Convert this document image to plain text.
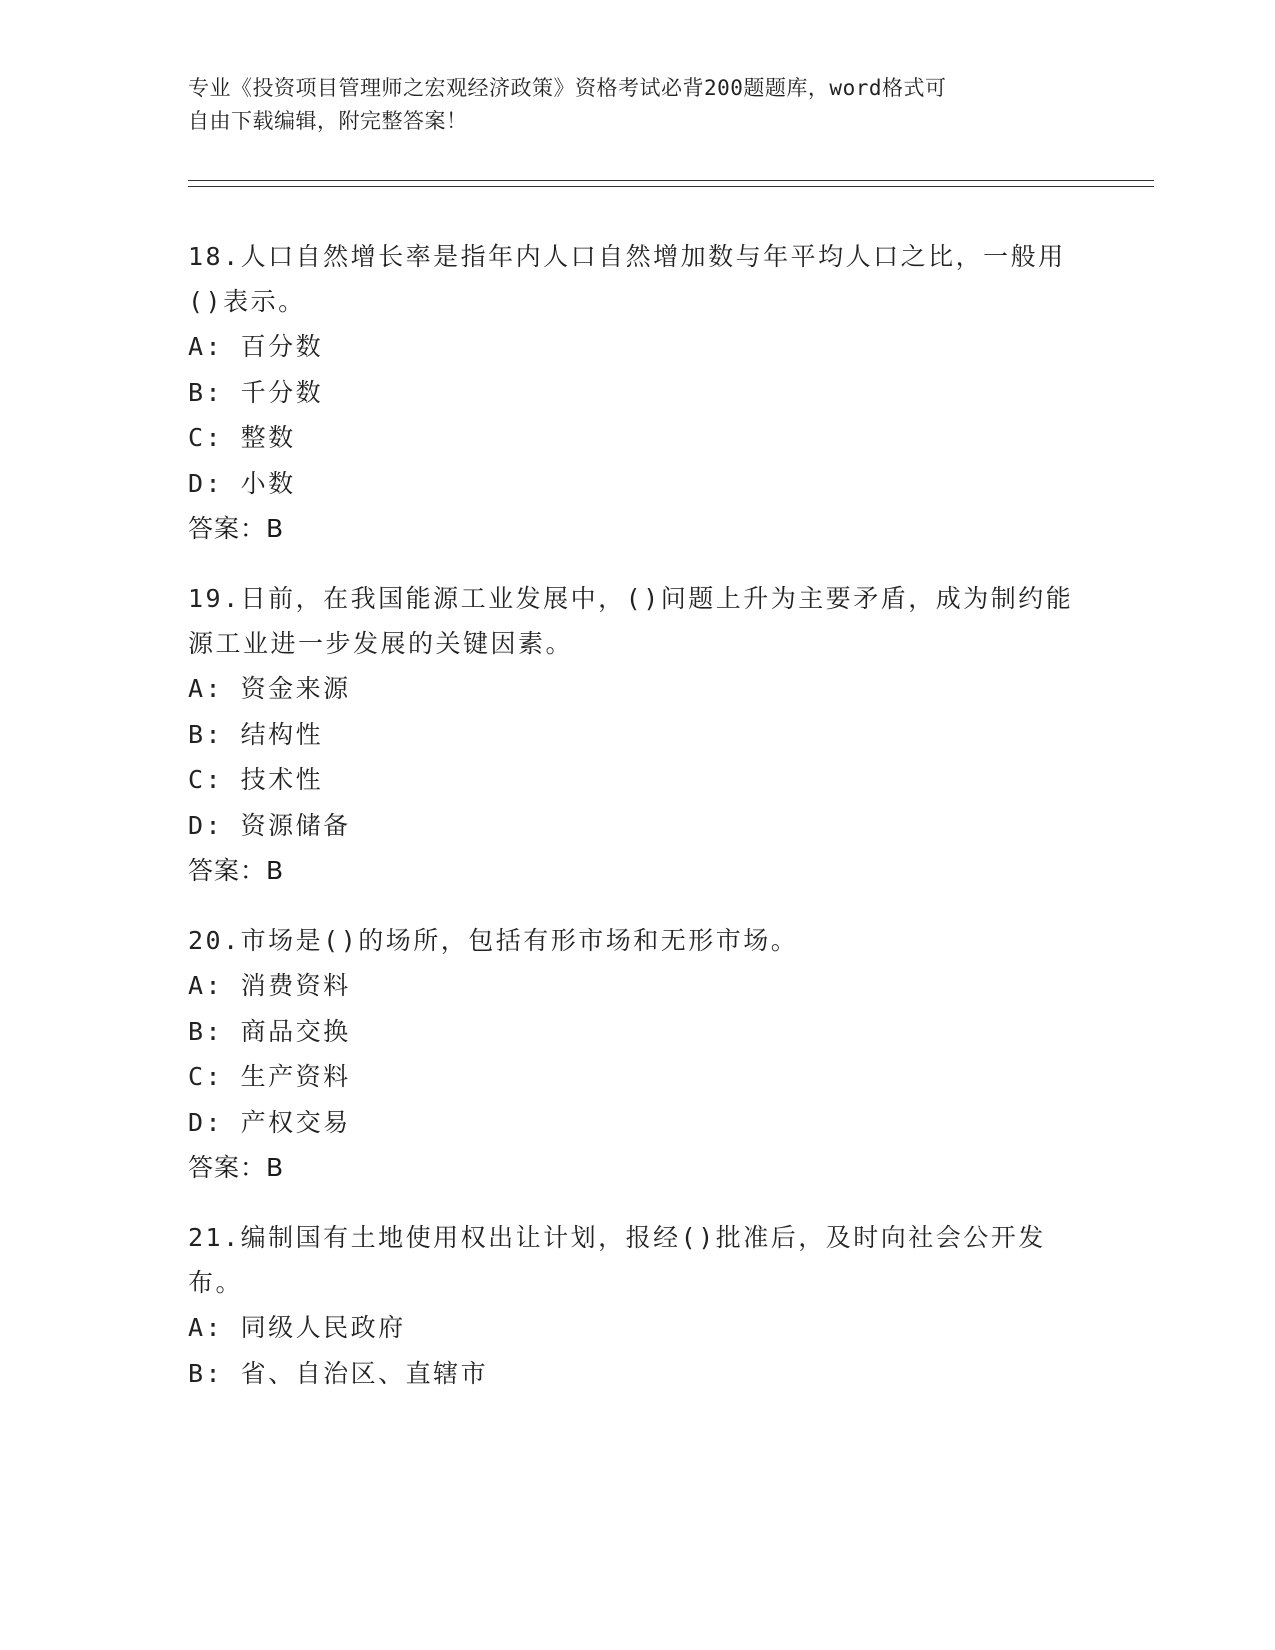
专业《投资项目管理师之宏观经济政策》资格考试必背200题题库，word格式可
自由下载编辑，附完整答案！

18.人口自然增长率是指年内人口自然增加数与年平均人口之比，一般用()表示。

A: 百分数

B: 千分数

C: 整数

D: 小数

答案：B

19.日前，在我国能源工业发展中，()问题上升为主要矛盾，成为制约能源工业进一步发展的关键因素。

A: 资金来源

B: 结构性

C: 技术性

D: 资源储备

答案：B

20.市场是()的场所，包括有形市场和无形市场。

A: 消费资料

B: 商品交换

C: 生产资料

D: 产权交易

答案：B

21.编制国有土地使用权出让计划，报经()批准后，及时向社会公开发布。

A: 同级人民政府

B: 省、自治区、直辖市
